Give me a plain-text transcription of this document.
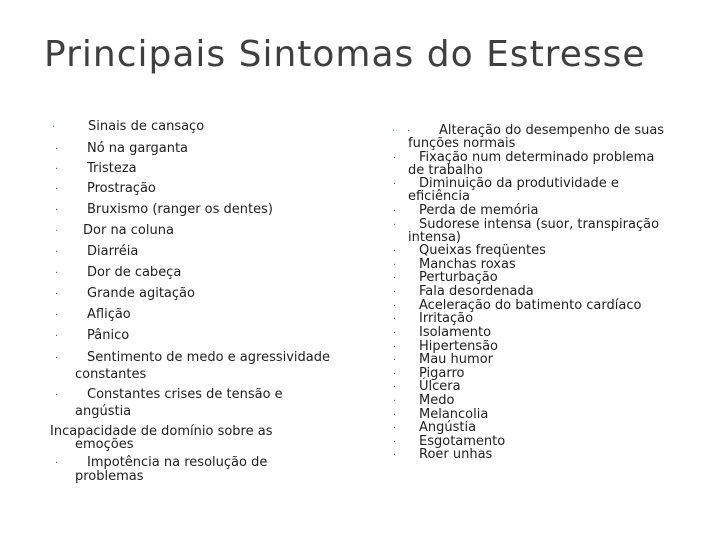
Principais Sintomas do Estresse
·	Sinais de cansaço
· Nó na garganta
· Tristeza
· Prostração
· Bruxismo (ranger os dentes)
· Dor na coluna
· Diarréia
· Dor de cabeça
· Grande agitação
· Aflição
· Pânico
· Sentimento de medo e agressividade
constantes
· Constantes crises de tensão e
angústia
Incapacidade de domínio sobre as
emoções
· Impotência na resolução de
problemas
· · Alteração do desempenho de suas
funções normais
· Fixação num determinado problema
de trabalho
· Diminuição da produtividade e
eficiência
· Perda de memória
· Sudorese intensa (suor, transpiração
intensa)
· Queixas freqüentes
· Manchas roxas
· Perturbação
· Fala desordenada
· Aceleração do batimento cardíaco
· Irritação
· Isolamento
· Hipertensão
· Mau humor
· Pigarro
· Úlcera
· Medo
· Melancolia
· Angústia
· Esgotamento
· Roer unhas
